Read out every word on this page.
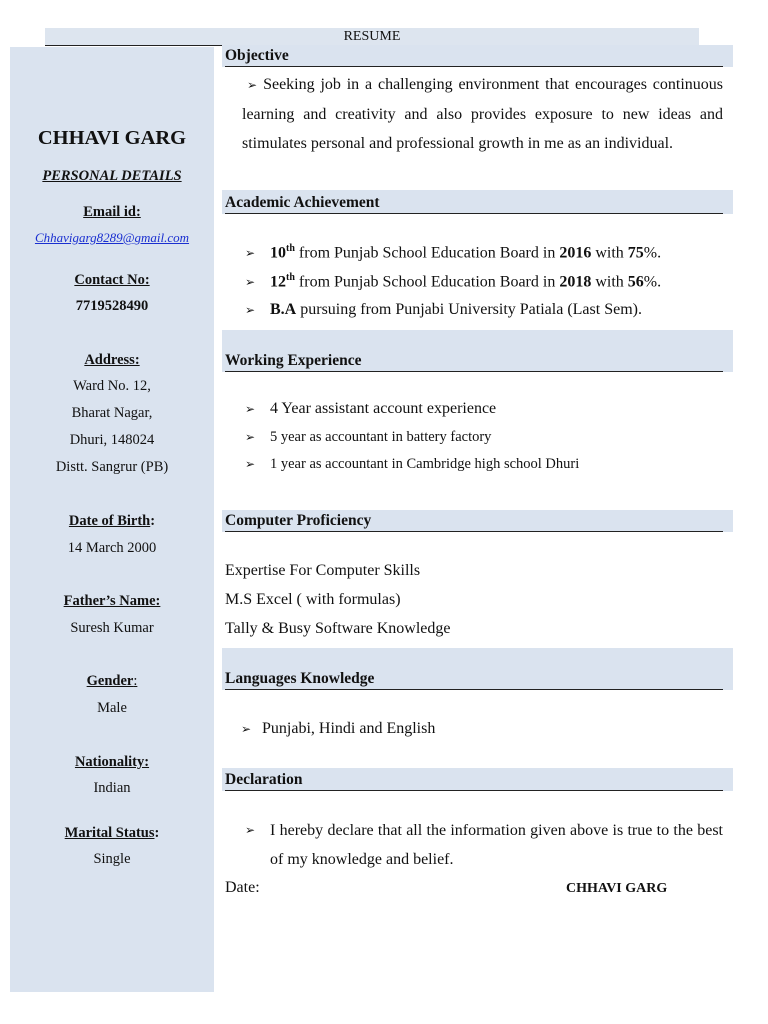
RESUME
CHHAVI GARG
PERSONAL DETAILS
Email id:
Chhavigarg8289@gmail.com
Contact No:
7719528490
Address:
Ward No. 12,
Bharat Nagar,
Dhuri, 148024
Distt. Sangrur (PB)
Date of Birth:
14 March 2000
Father’s Name:
Suresh Kumar
Gender:
Male
Nationality:
Indian
Marital Status:
Single
Objective
➢ Seeking job in a challenging environment that encourages continuous learning and creativity and also provides exposure to new ideas and stimulates personal and professional growth in me as an individual.
Academic Achievement
➢ 10th from Punjab School Education Board in 2016 with 75%.
➢ 12th from Punjab School Education Board in 2018 with 56%.
➢ B.A pursuing from Punjabi University Patiala (Last Sem).
Working Experience
➢ 4 Year assistant account experience
➢ 5 year as accountant in battery factory
➢ 1 year as accountant in Cambridge high school Dhuri
Computer Proficiency
Expertise For Computer Skills
M.S Excel ( with formulas)
Tally & Busy Software Knowledge
Languages Knowledge
➢ Punjabi, Hindi and English
Declaration
➢ I hereby declare that all the information given above is true to the best of my knowledge and belief.
Date:	CHHAVI GARG
